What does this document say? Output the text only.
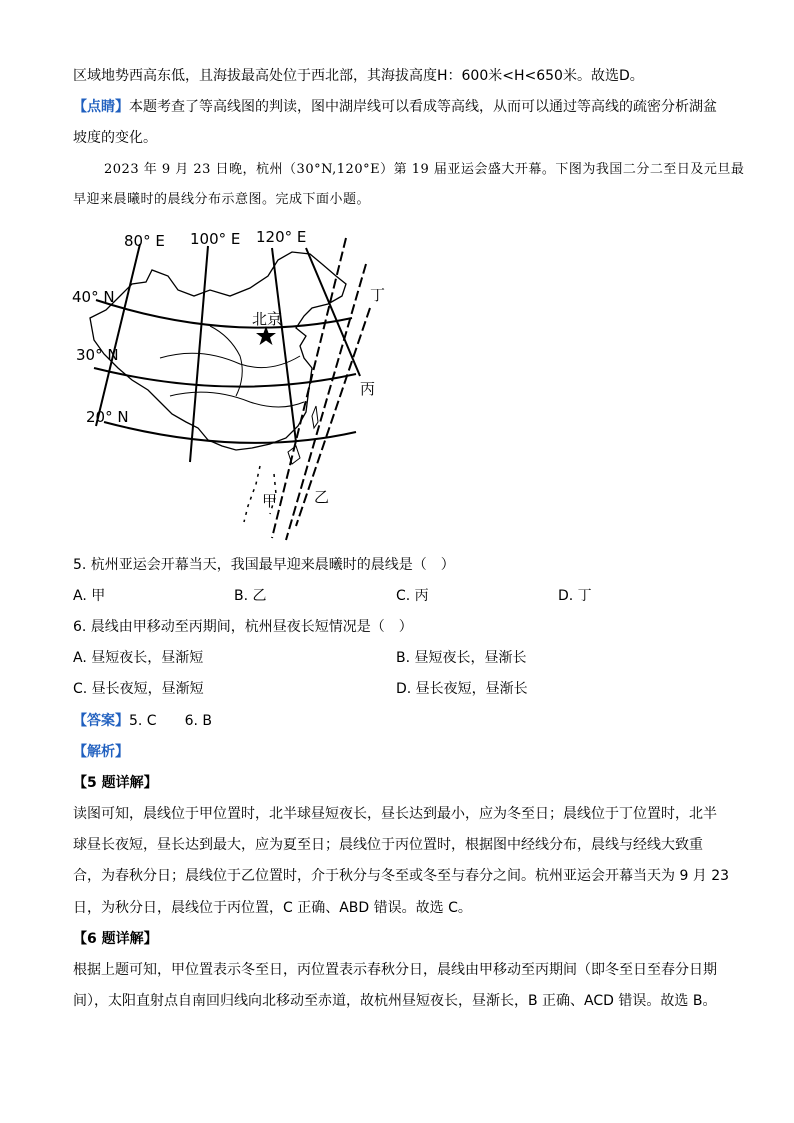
区域地势西高东低，且海拔最高处位于西北部，其海拔高度H：600米<H<650米。故选D。
【点睛】本题考查了等高线图的判读，图中湖岸线可以看成等高线，从而可以通过等高线的疏密分析湖盆
坡度的变化。
2023 年 9 月 23 日晚，杭州（30°N,120°E）第 19 届亚运会盛大开幕。下图为我国二分二至日及元旦最
早迎来晨曦时的晨线分布示意图。完成下面小题。
80° E 100° E 120° E
40° N
30° N
20° N
北京
甲 乙
丙
丁
5. 杭州亚运会开幕当天，我国最早迎来晨曦时的晨线是（　）
A. 甲	B. 乙	C. 丙	D. 丁
6. 晨线由甲移动至丙期间，杭州昼夜长短情况是（　）
A. 昼短夜长，昼渐短	B. 昼短夜长，昼渐长
C. 昼长夜短，昼渐短	D. 昼长夜短，昼渐长
【答案】5. C　　6. B
【解析】
【5 题详解】
读图可知，晨线位于甲位置时，北半球昼短夜长，昼长达到最小，应为冬至日；晨线位于丁位置时，北半
球昼长夜短，昼长达到最大，应为夏至日；晨线位于丙位置时，根据图中经线分布，晨线与经线大致重
合，为春秋分日；晨线位于乙位置时，介于秋分与冬至或冬至与春分之间。杭州亚运会开幕当天为 9 月 23
日，为秋分日，晨线位于丙位置，C 正确、ABD 错误。故选 C。
【6 题详解】
根据上题可知，甲位置表示冬至日，丙位置表示春秋分日，晨线由甲移动至丙期间（即冬至日至春分日期
间），太阳直射点自南回归线向北移动至赤道，故杭州昼短夜长，昼渐长，B 正确、ACD 错误。故选 B。
